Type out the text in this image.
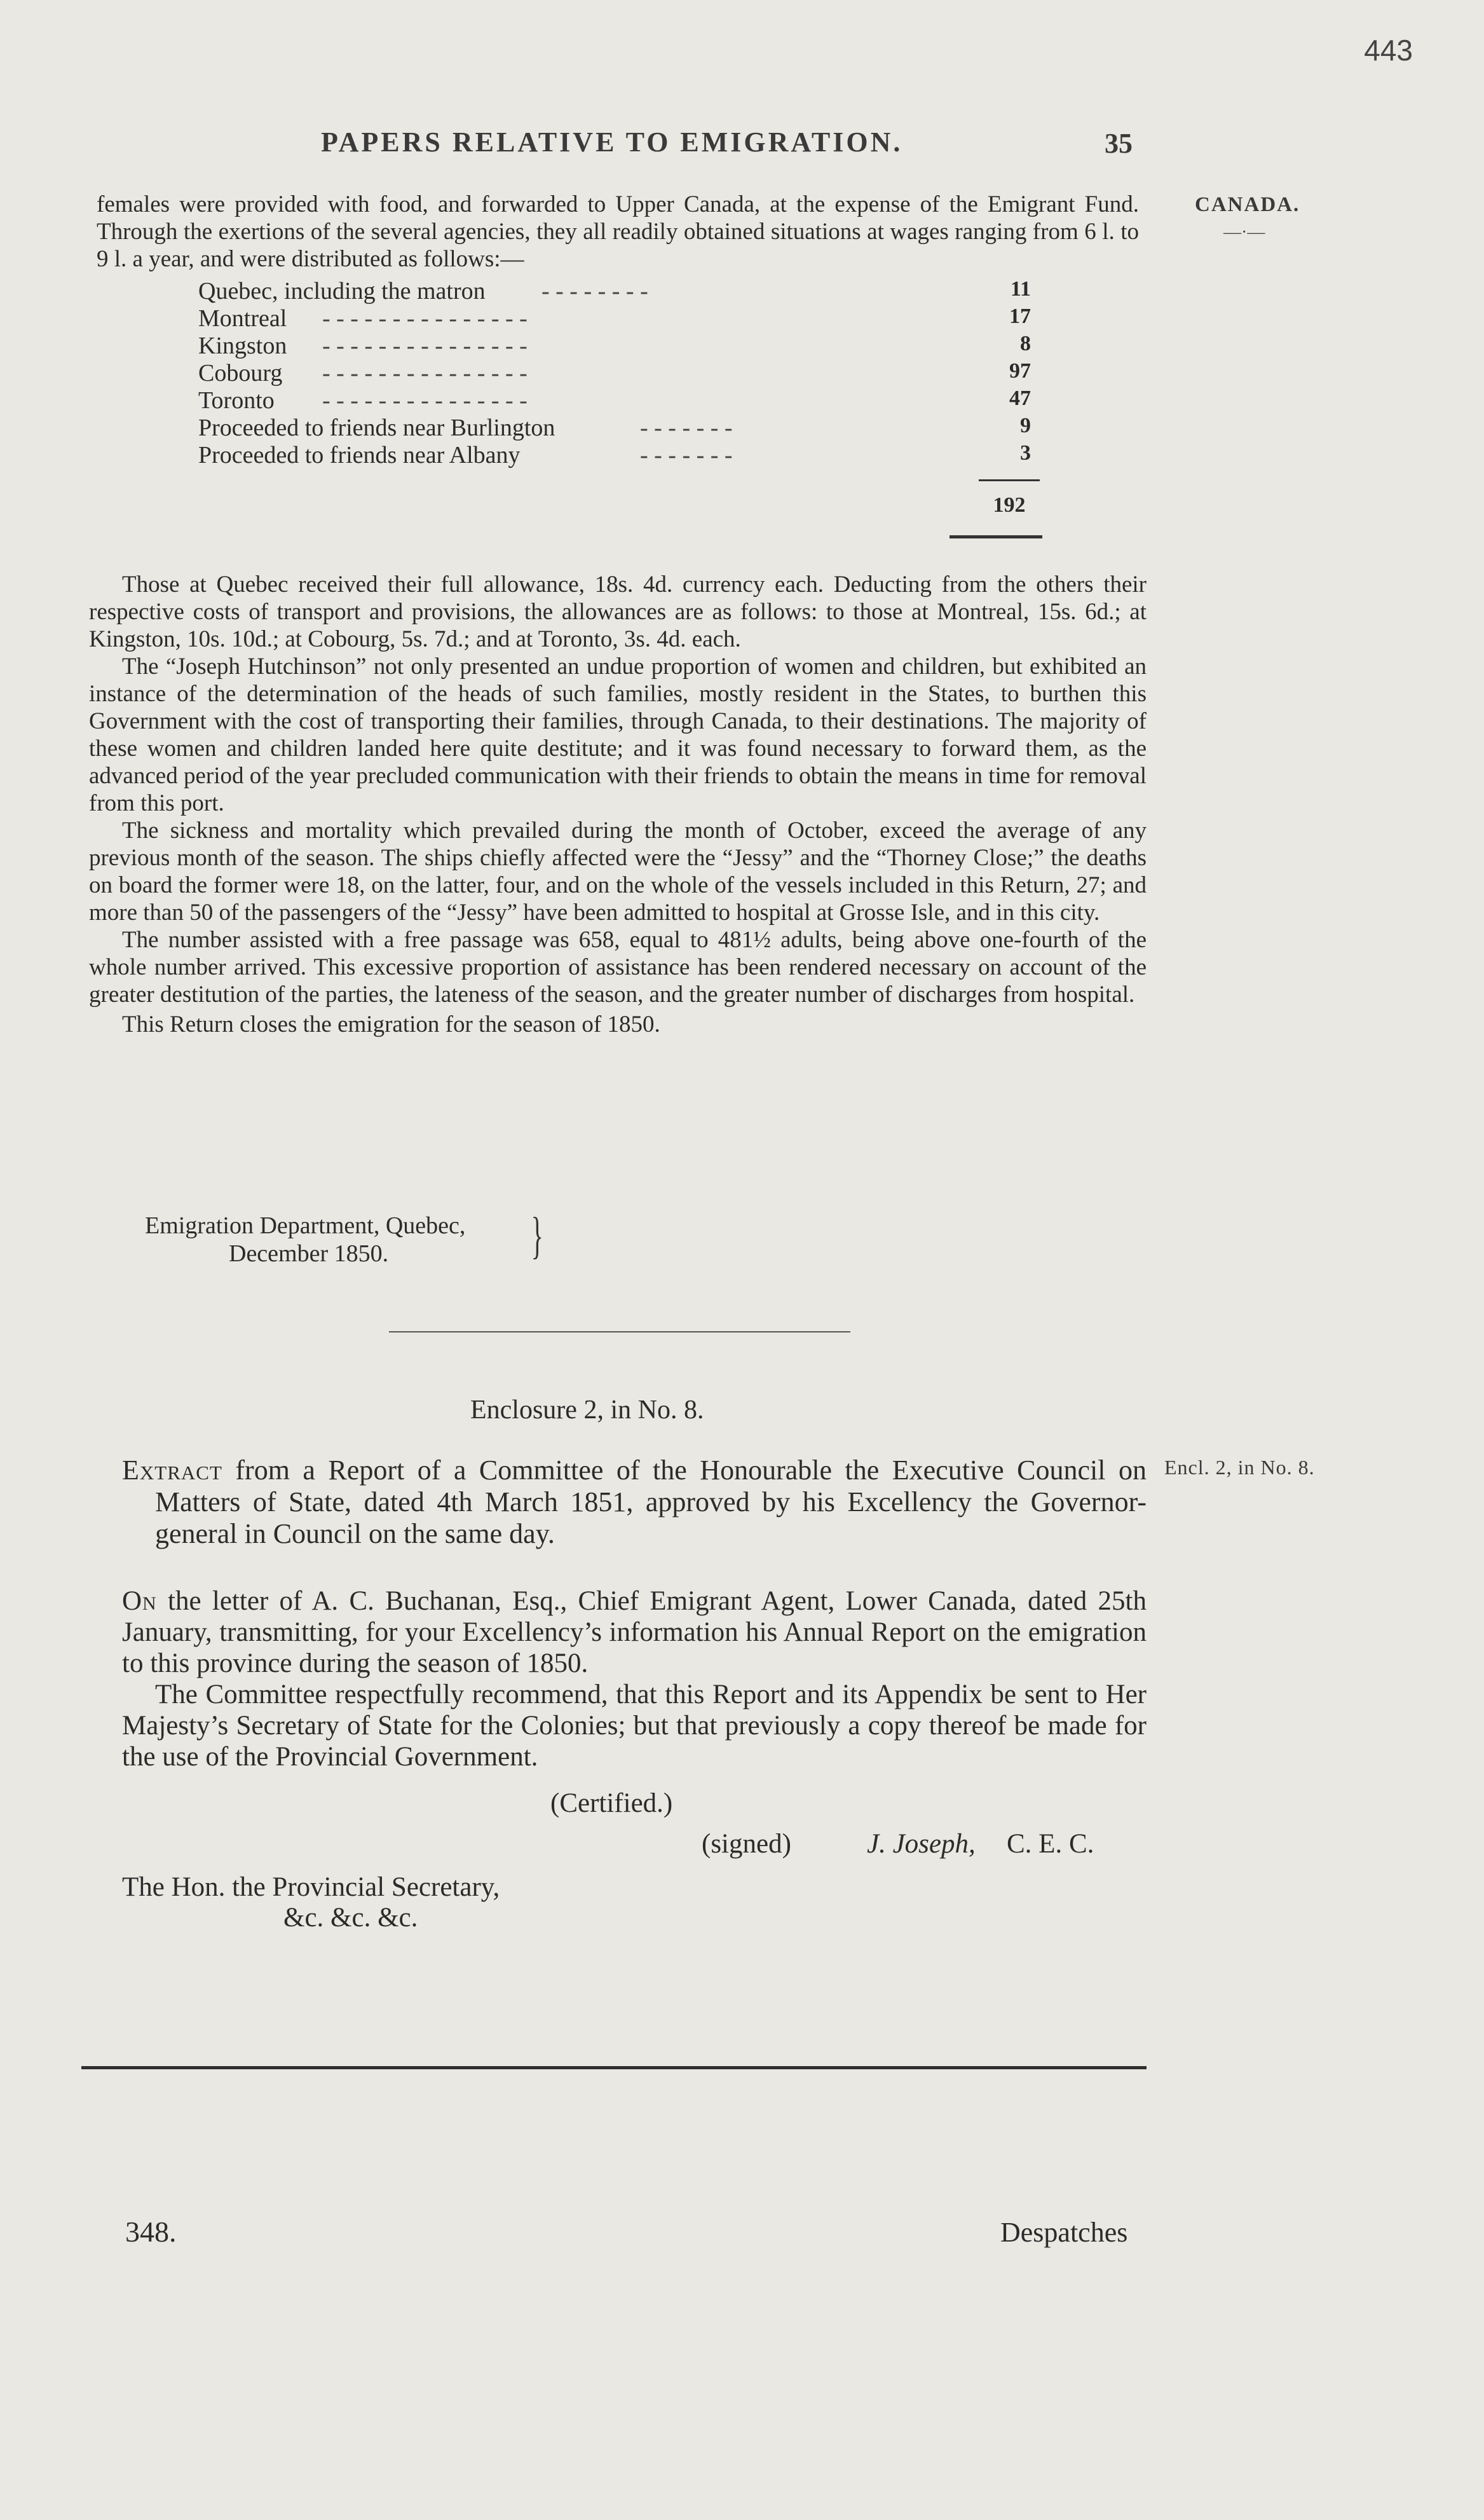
443
PAPERS RELATIVE TO EMIGRATION.	35
CANADA.
—·—
Encl. 2, in No. 8.

females were provided with food, and forwarded to Upper Canada, at the expense of the Emigrant Fund. Through the exertions of the several agencies, they all readily obtained situations at wages ranging from 6 l. to 9 l. a year, and were distributed as follows:—

Quebec, including the matron - - - - - - - -	11
Montreal - - - - - - - - - - - - - - -	17
Kingston - - - - - - - - - - - - - - -	8
Cobourg - - - - - - - - - - - - - - -	97
Toronto - - - - - - - - - - - - - - -	47
Proceeded to friends near Burlington	- - - - - - -	9
Proceeded to friends near Albany	- - - - - - -	3
192

Those at Quebec received their full allowance, 18s. 4d. currency each. Deducting from the others their respective costs of transport and provisions, the allowances are as follows: to those at Montreal, 15s. 6d.; at Kingston, 10s. 10d.; at Cobourg, 5s. 7d.; and at Toronto, 3s. 4d. each.

The “Joseph Hutchinson” not only presented an undue proportion of women and children, but exhibited an instance of the determination of the heads of such families, mostly resident in the States, to burthen this Government with the cost of transporting their families, through Canada, to their destinations. The majority of these women and children landed here quite destitute; and it was found necessary to forward them, as the advanced period of the year precluded communication with their friends to obtain the means in time for removal from this port.

The sickness and mortality which prevailed during the month of October, exceed the average of any previous month of the season. The ships chiefly affected were the “Jessy” and the “Thorney Close;” the deaths on board the former were 18, on the latter, four, and on the whole of the vessels included in this Return, 27; and more than 50 of the passengers of the “Jessy” have been admitted to hospital at Grosse Isle, and in this city.

The number assisted with a free passage was 658, equal to 481½ adults, being above one-fourth of the whole number arrived. This excessive proportion of assistance has been rendered necessary on account of the greater destitution of the parties, the lateness of the season, and the greater number of discharges from hospital.

This Return closes the emigration for the season of 1850.

Emigration Department, Quebec,
December 1850.	}
Enclosure 2, in No. 8.
Extract from a Report of a Committee of the Honourable the Executive Council on Matters of State, dated 4th March 1851, approved by his Excellency the Governor-general in Council on the same day.

On the letter of A. C. Buchanan, Esq., Chief Emigrant Agent, Lower Canada, dated 25th January, transmitting, for your Excellency’s information his Annual Report on the emigration to this province during the season of 1850.

The Committee respectfully recommend, that this Report and its Appendix be sent to Her Majesty’s Secretary of State for the Colonies; but that previously a copy thereof be made for the use of the Provincial Government.

(Certified.)
(signed)	J. Joseph, C. E. C.
The Hon. the Provincial Secretary,
&c. &c. &c.
348.	Despatches
